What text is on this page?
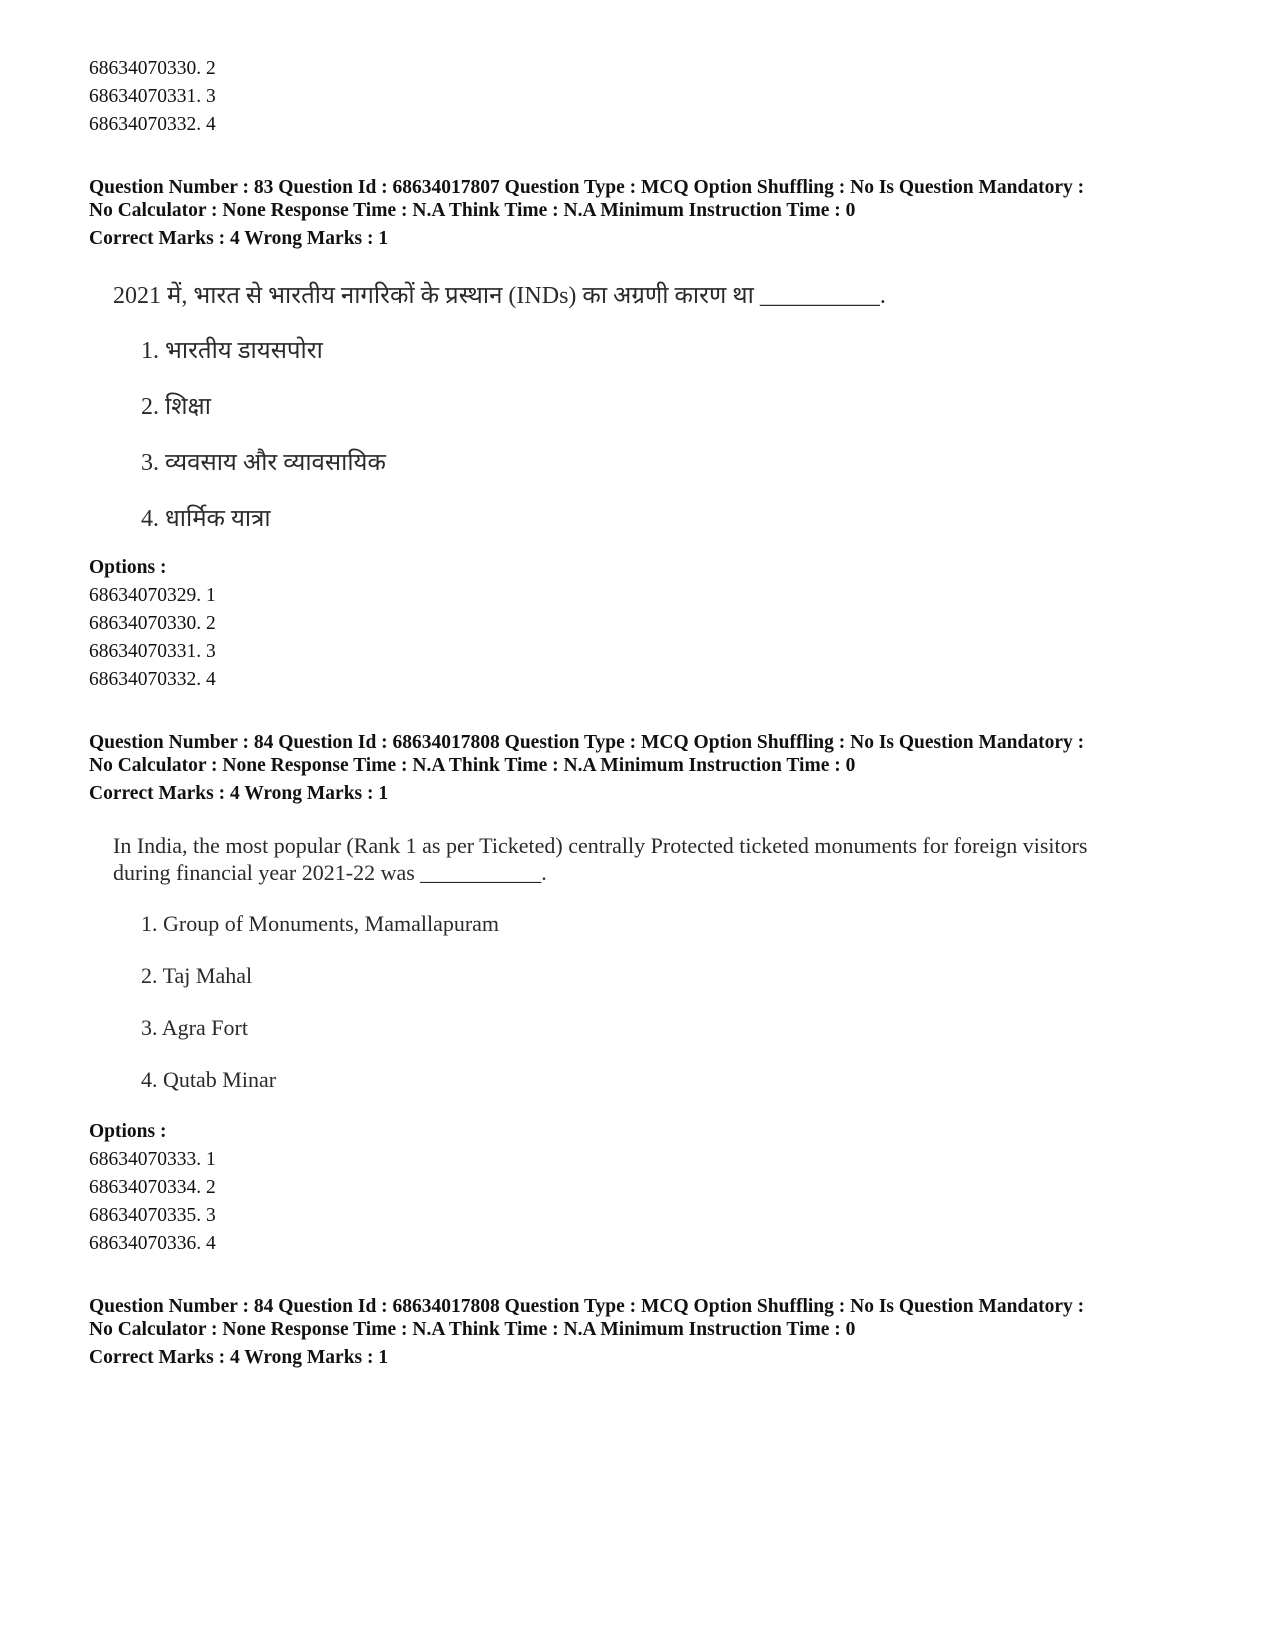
68634070330. 2
68634070331. 3
68634070332. 4
Question Number : 83 Question Id : 68634017807 Question Type : MCQ Option Shuffling : No Is Question Mandatory :
No Calculator : None Response Time : N.A Think Time : N.A Minimum Instruction Time : 0
Correct Marks : 4 Wrong Marks : 1
2021 में, भारत से भारतीय नागरिकों के प्रस्थान (INDs) का अग्रणी कारण था __________.
1. भारतीय डायसपोरा
2. शिक्षा
3. व्यवसाय और व्यावसायिक
4. धार्मिक यात्रा
Options :
68634070329. 1
68634070330. 2
68634070331. 3
68634070332. 4
Question Number : 84 Question Id : 68634017808 Question Type : MCQ Option Shuffling : No Is Question Mandatory :
No Calculator : None Response Time : N.A Think Time : N.A Minimum Instruction Time : 0
Correct Marks : 4 Wrong Marks : 1
In India, the most popular (Rank 1 as per Ticketed) centrally Protected ticketed monuments for foreign visitors
during financial year 2021-22 was ___________.
1. Group of Monuments, Mamallapuram
2. Taj Mahal
3. Agra Fort
4. Qutab Minar
Options :
68634070333. 1
68634070334. 2
68634070335. 3
68634070336. 4
Question Number : 84 Question Id : 68634017808 Question Type : MCQ Option Shuffling : No Is Question Mandatory :
No Calculator : None Response Time : N.A Think Time : N.A Minimum Instruction Time : 0
Correct Marks : 4 Wrong Marks : 1
